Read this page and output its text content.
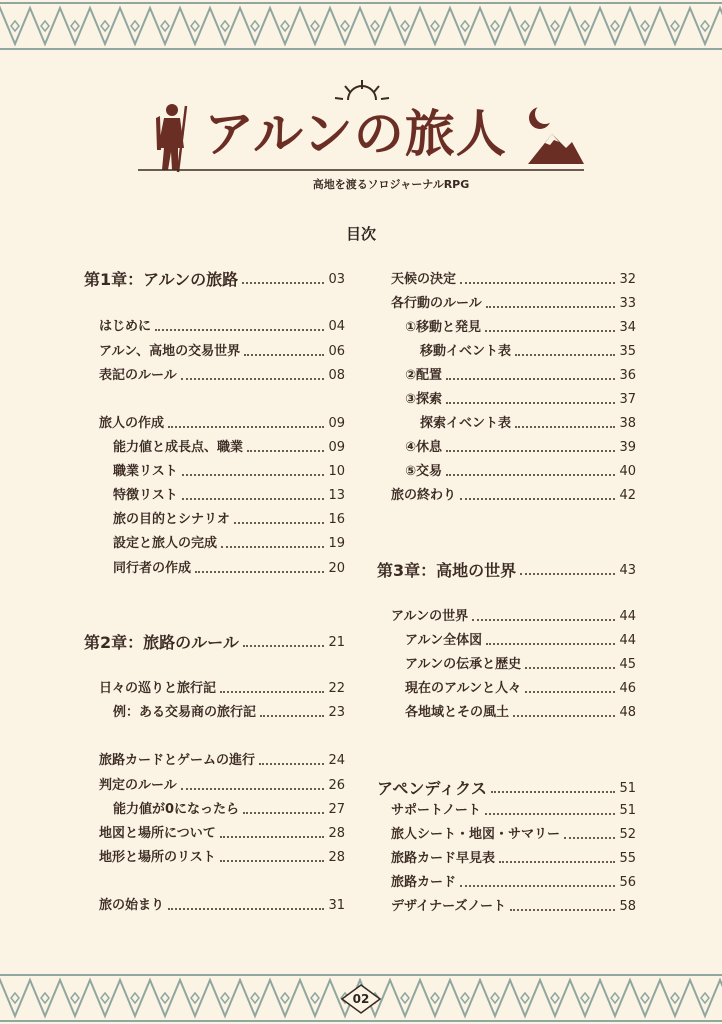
アルンの旅人
高地を渡るソロジャーナルRPG
目次
第1章：アルンの旅路	03
はじめに	04
アルン、高地の交易世界	06
表記のルール	08
旅人の作成	09
能力値と成長点、職業	09
職業リスト	10
特徴リスト	13
旅の目的とシナリオ	16
設定と旅人の完成	19
同行者の作成	20
第2章：旅路のルール	21
日々の巡りと旅行記	22
例：ある交易商の旅行記	23
旅路カードとゲームの進行	24
判定のルール	26
能力値が0になったら	27
地図と場所について	28
地形と場所のリスト	28
旅の始まり	31
天候の決定	32
各行動のルール	33
①移動と発見	34
移動イベント表	35
②配置	36
③探索	37
探索イベント表	38
④休息	39
⑤交易	40
旅の終わり	42
第3章：高地の世界	43
アルンの世界	44
アルン全体図	44
アルンの伝承と歴史	45
現在のアルンと人々	46
各地域とその風土	48
アペンディクス	51
サポートノート	51
旅人シート・地図・サマリー	52
旅路カード早見表	55
旅路カード	56
デザイナーズノート	58
02
